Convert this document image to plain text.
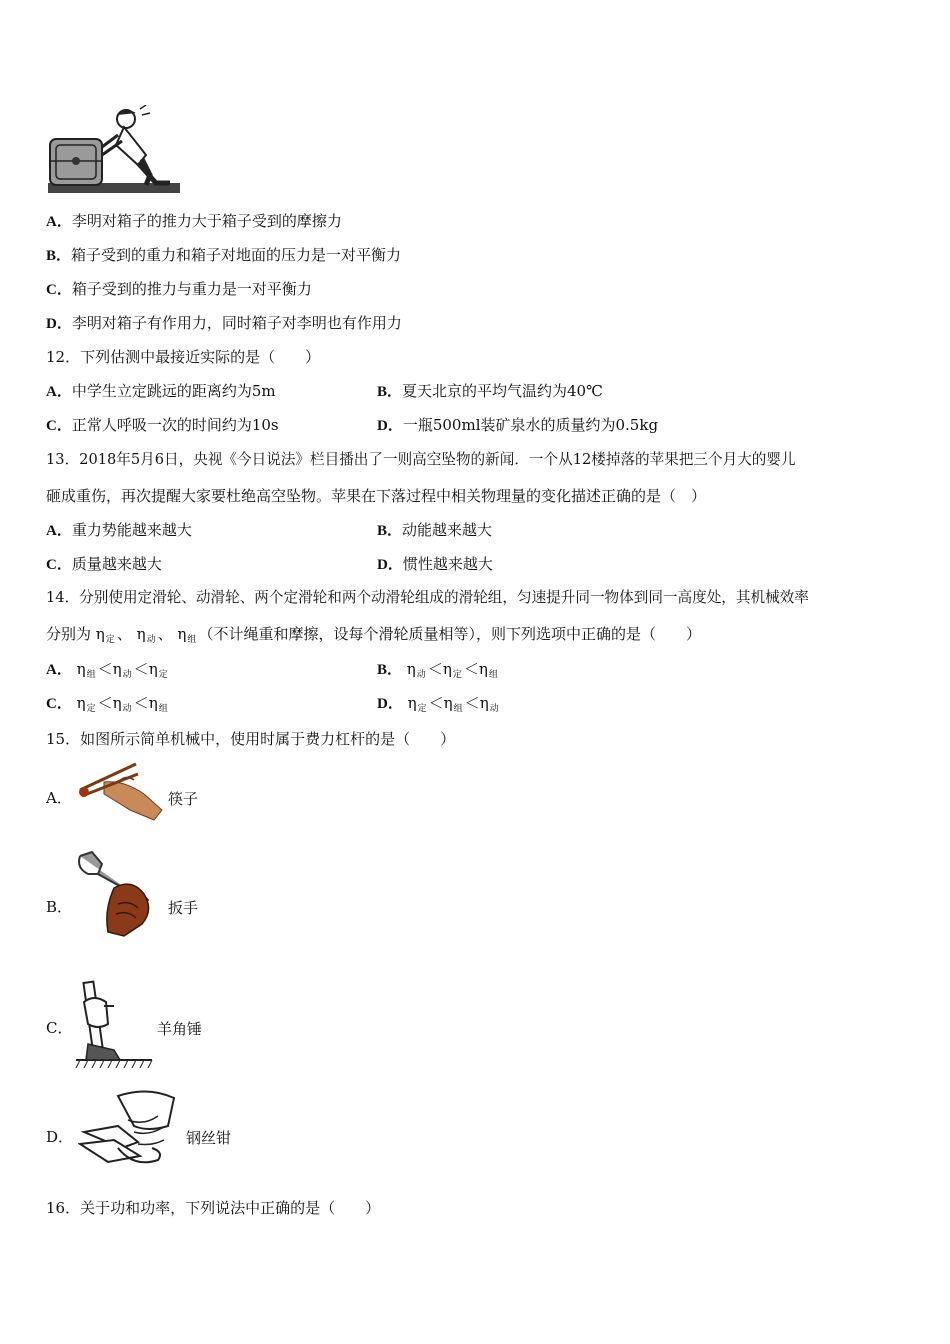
A．李明对箱子的推力大于箱子受到的摩擦力
B．箱子受到的重力和箱子对地面的压力是一对平衡力
C．箱子受到的推力与重力是一对平衡力
D．李明对箱子有作用力，同时箱子对李明也有作用力
12．下列估测中最接近实际的是（　　）
A．中学生立定跳远的距离约为5m	B．夏天北京的平均气温约为40℃
C．正常人呼吸一次的时间约为10s	D．一瓶500ml装矿泉水的质量约为0.5kg
13．2018年5月6日，央视《今日说法》栏目播出了一则高空坠物的新闻．一个从12楼掉落的苹果把三个月大的婴儿
砸成重伤，再次提醒大家要杜绝高空坠物。苹果在下落过程中相关物理量的变化描述正确的是（　）
A．重力势能越来越大	B．动能越来越大
C．质量越来越大	D．惯性越来越大
14．分别使用定滑轮、动滑轮、两个定滑轮和两个动滑轮组成的滑轮组，匀速提升同一物体到同一高度处，其机械效率
分别为 $\eta_定$ 、 $\eta_动$ 、 $\eta_组$ （不计绳重和摩擦，设每个滑轮质量相等），则下列选项中正确的是（　　）
A． $\eta_组 <\eta_动 <\eta_定$	B． $\eta_动 <\eta_定 <\eta_组$
C． $\eta_定 <\eta_动 <\eta_组$	D． $\eta_定 <\eta_组 <\eta_动$
15．如图所示简单机械中，使用时属于费力杠杆的是（　　）
A．	筷子
B．	扳手
C．	羊角锤
D．	钢丝钳
16．关于功和功率，下列说法中正确的是（　　）
